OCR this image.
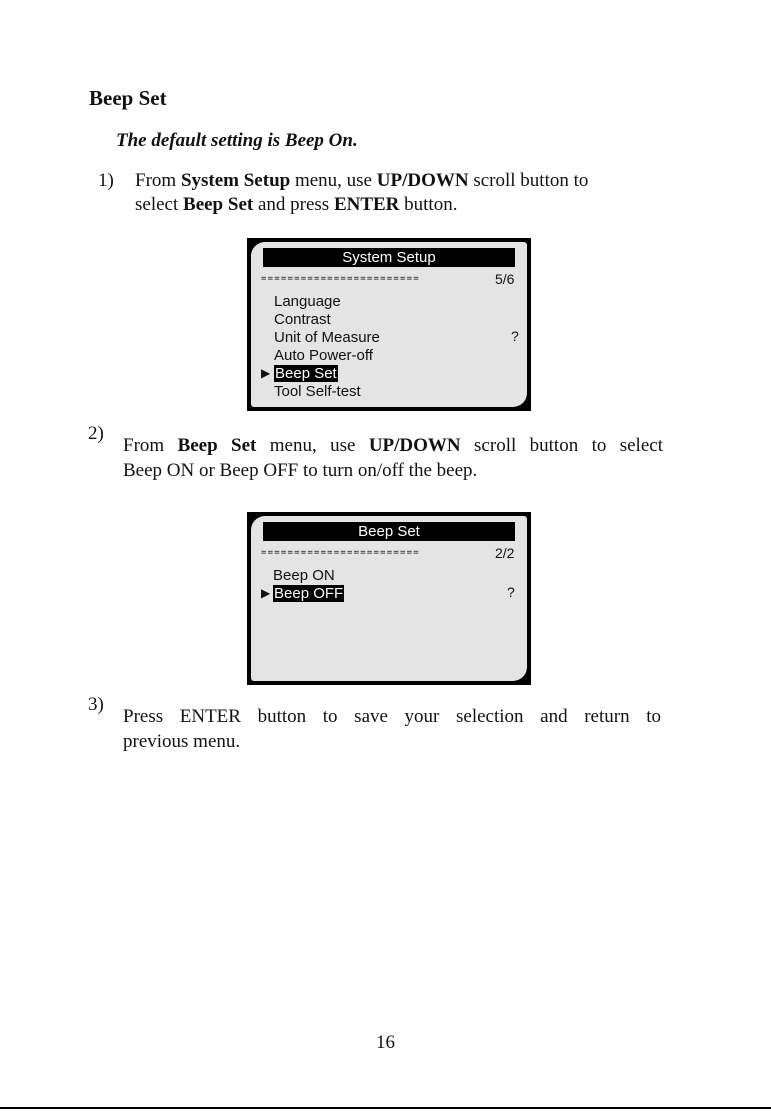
Beep Set
The default setting is Beep On.
1) From System Setup menu, use UP/DOWN scroll button to
select Beep Set and press ENTER button.
System Setup
========================	5/6
Language
Contrast
Unit of Measure	?
Auto Power-off
▶ Beep Set
Tool Self-test
2)
From Beep Set menu, use UP/DOWN scroll button to select
Beep ON or Beep OFF to turn on/off the beep.
Beep Set
========================	2/2
Beep ON
▶ Beep OFF	?
3)
Press ENTER button to save your selection and return to
previous menu.
16
